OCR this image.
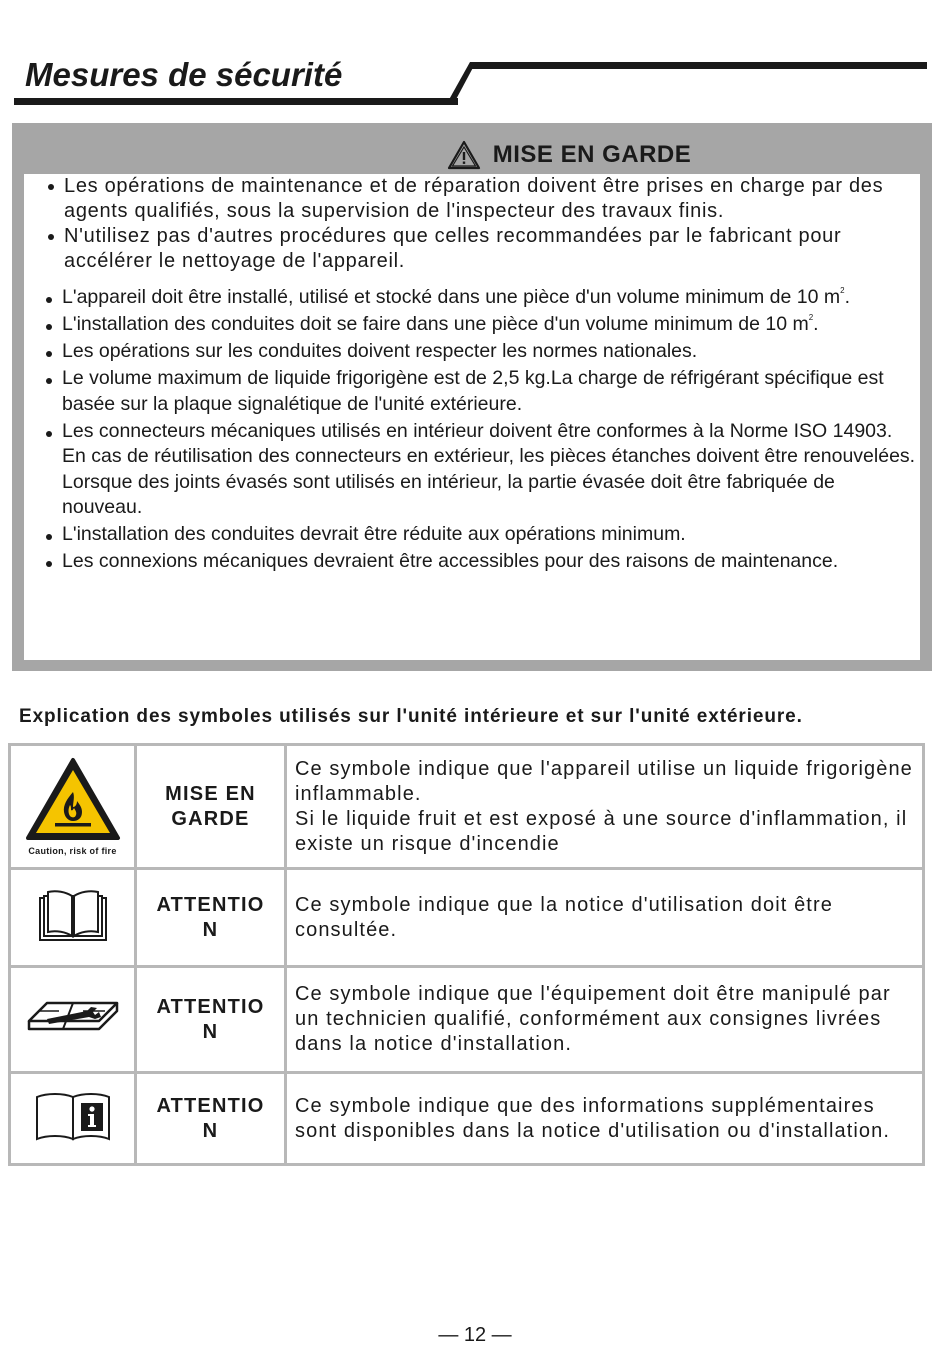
Mesures de sécurité
MISE EN GARDE
Les opérations de maintenance et de réparation doivent être prises en charge par des agents qualifiés, sous la supervision de l'inspecteur des travaux finis.
N'utilisez pas d'autres procédures que celles recommandées par le fabricant pour accélérer le nettoyage de l'appareil.
L'appareil doit être installé, utilisé et stocké dans une pièce d'un volume minimum de 10 $m^2$.
L'installation des conduites doit se faire dans une pièce d'un volume minimum de 10 $m^2$.
Les opérations sur les conduites doivent respecter les normes nationales.
Le volume maximum de liquide frigorigène est de 2,5 kg.La charge de réfrigérant spécifique est basée sur la plaque signalétique de l'unité extérieure.
Les connecteurs mécaniques utilisés en intérieur doivent être conformes à la Norme ISO 14903. En cas de réutilisation des connecteurs en extérieur, les pièces étanches doivent être renouvelées. Lorsque des joints évasés sont utilisés en intérieur, la partie évasée doit être fabriquée de nouveau.
L'installation des conduites devrait être réduite aux opérations minimum.
Les connexions mécaniques devraient être accessibles pour des raisons de maintenance.
Explication des symboles utilisés sur l'unité intérieure et sur l'unité extérieure.
Caution, risk of fire	MISE EN GARDE	Ce symbole indique que l'appareil utilise un liquide frigorigène inflammable.
Si le liquide fruit et est exposé à une source d'inflammation, il existe un risque d'incendie

	ATTENTION	Ce symbole indique que la notice d'utilisation doit être consultée.
	ATTENTION	Ce symbole indique que l'équipement doit être manipulé par un technicien qualifié, conformément aux consignes livrées dans la notice d'installation.
	ATTENTION	Ce symbole indique que des informations supplémentaires sont disponibles dans la notice d'utilisation ou d'installation.
— 12 —
